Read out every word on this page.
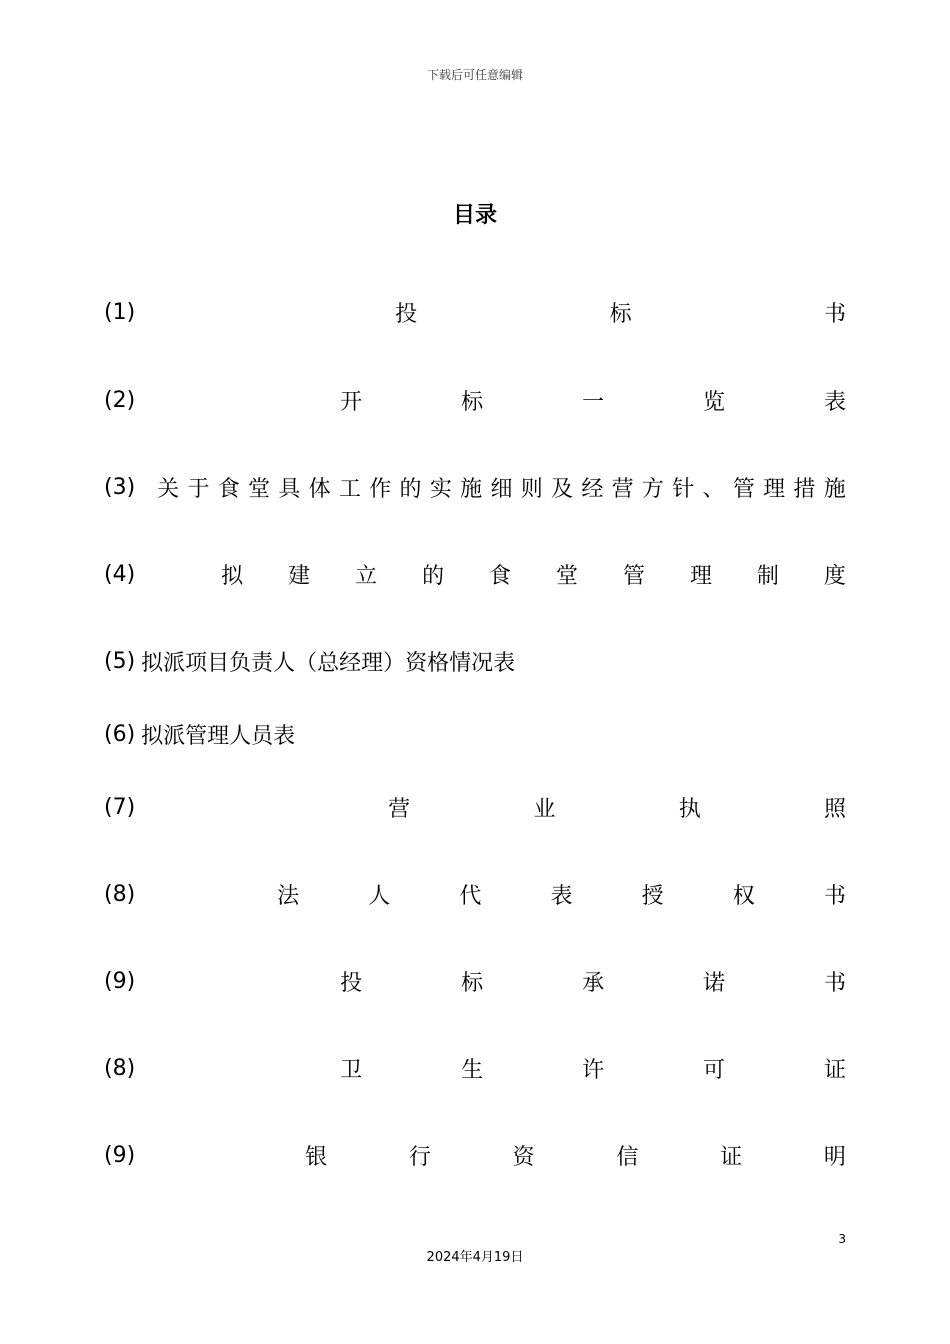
下载后可任意编辑
目录
(1)	投	标	书
(2)	开	标	一	览	表
(3) 关 于 食 堂 具 体 工 作 的 实 施 细 则 及 经 营 方 针 、 管 理 措 施
(4)	拟 建 立 的 食 堂 管 理 制 度
(5) 拟派项目负责人（总经理）资格情况表
(6) 拟派管理人员表
(7)	营	业	执	照
(8)	法	人	代	表	授	权	书
(9)	投	标	承	诺	书
(8)	卫	生	许	可	证
(9)	银	行	资	信	证	明
3
2024年4月19日
